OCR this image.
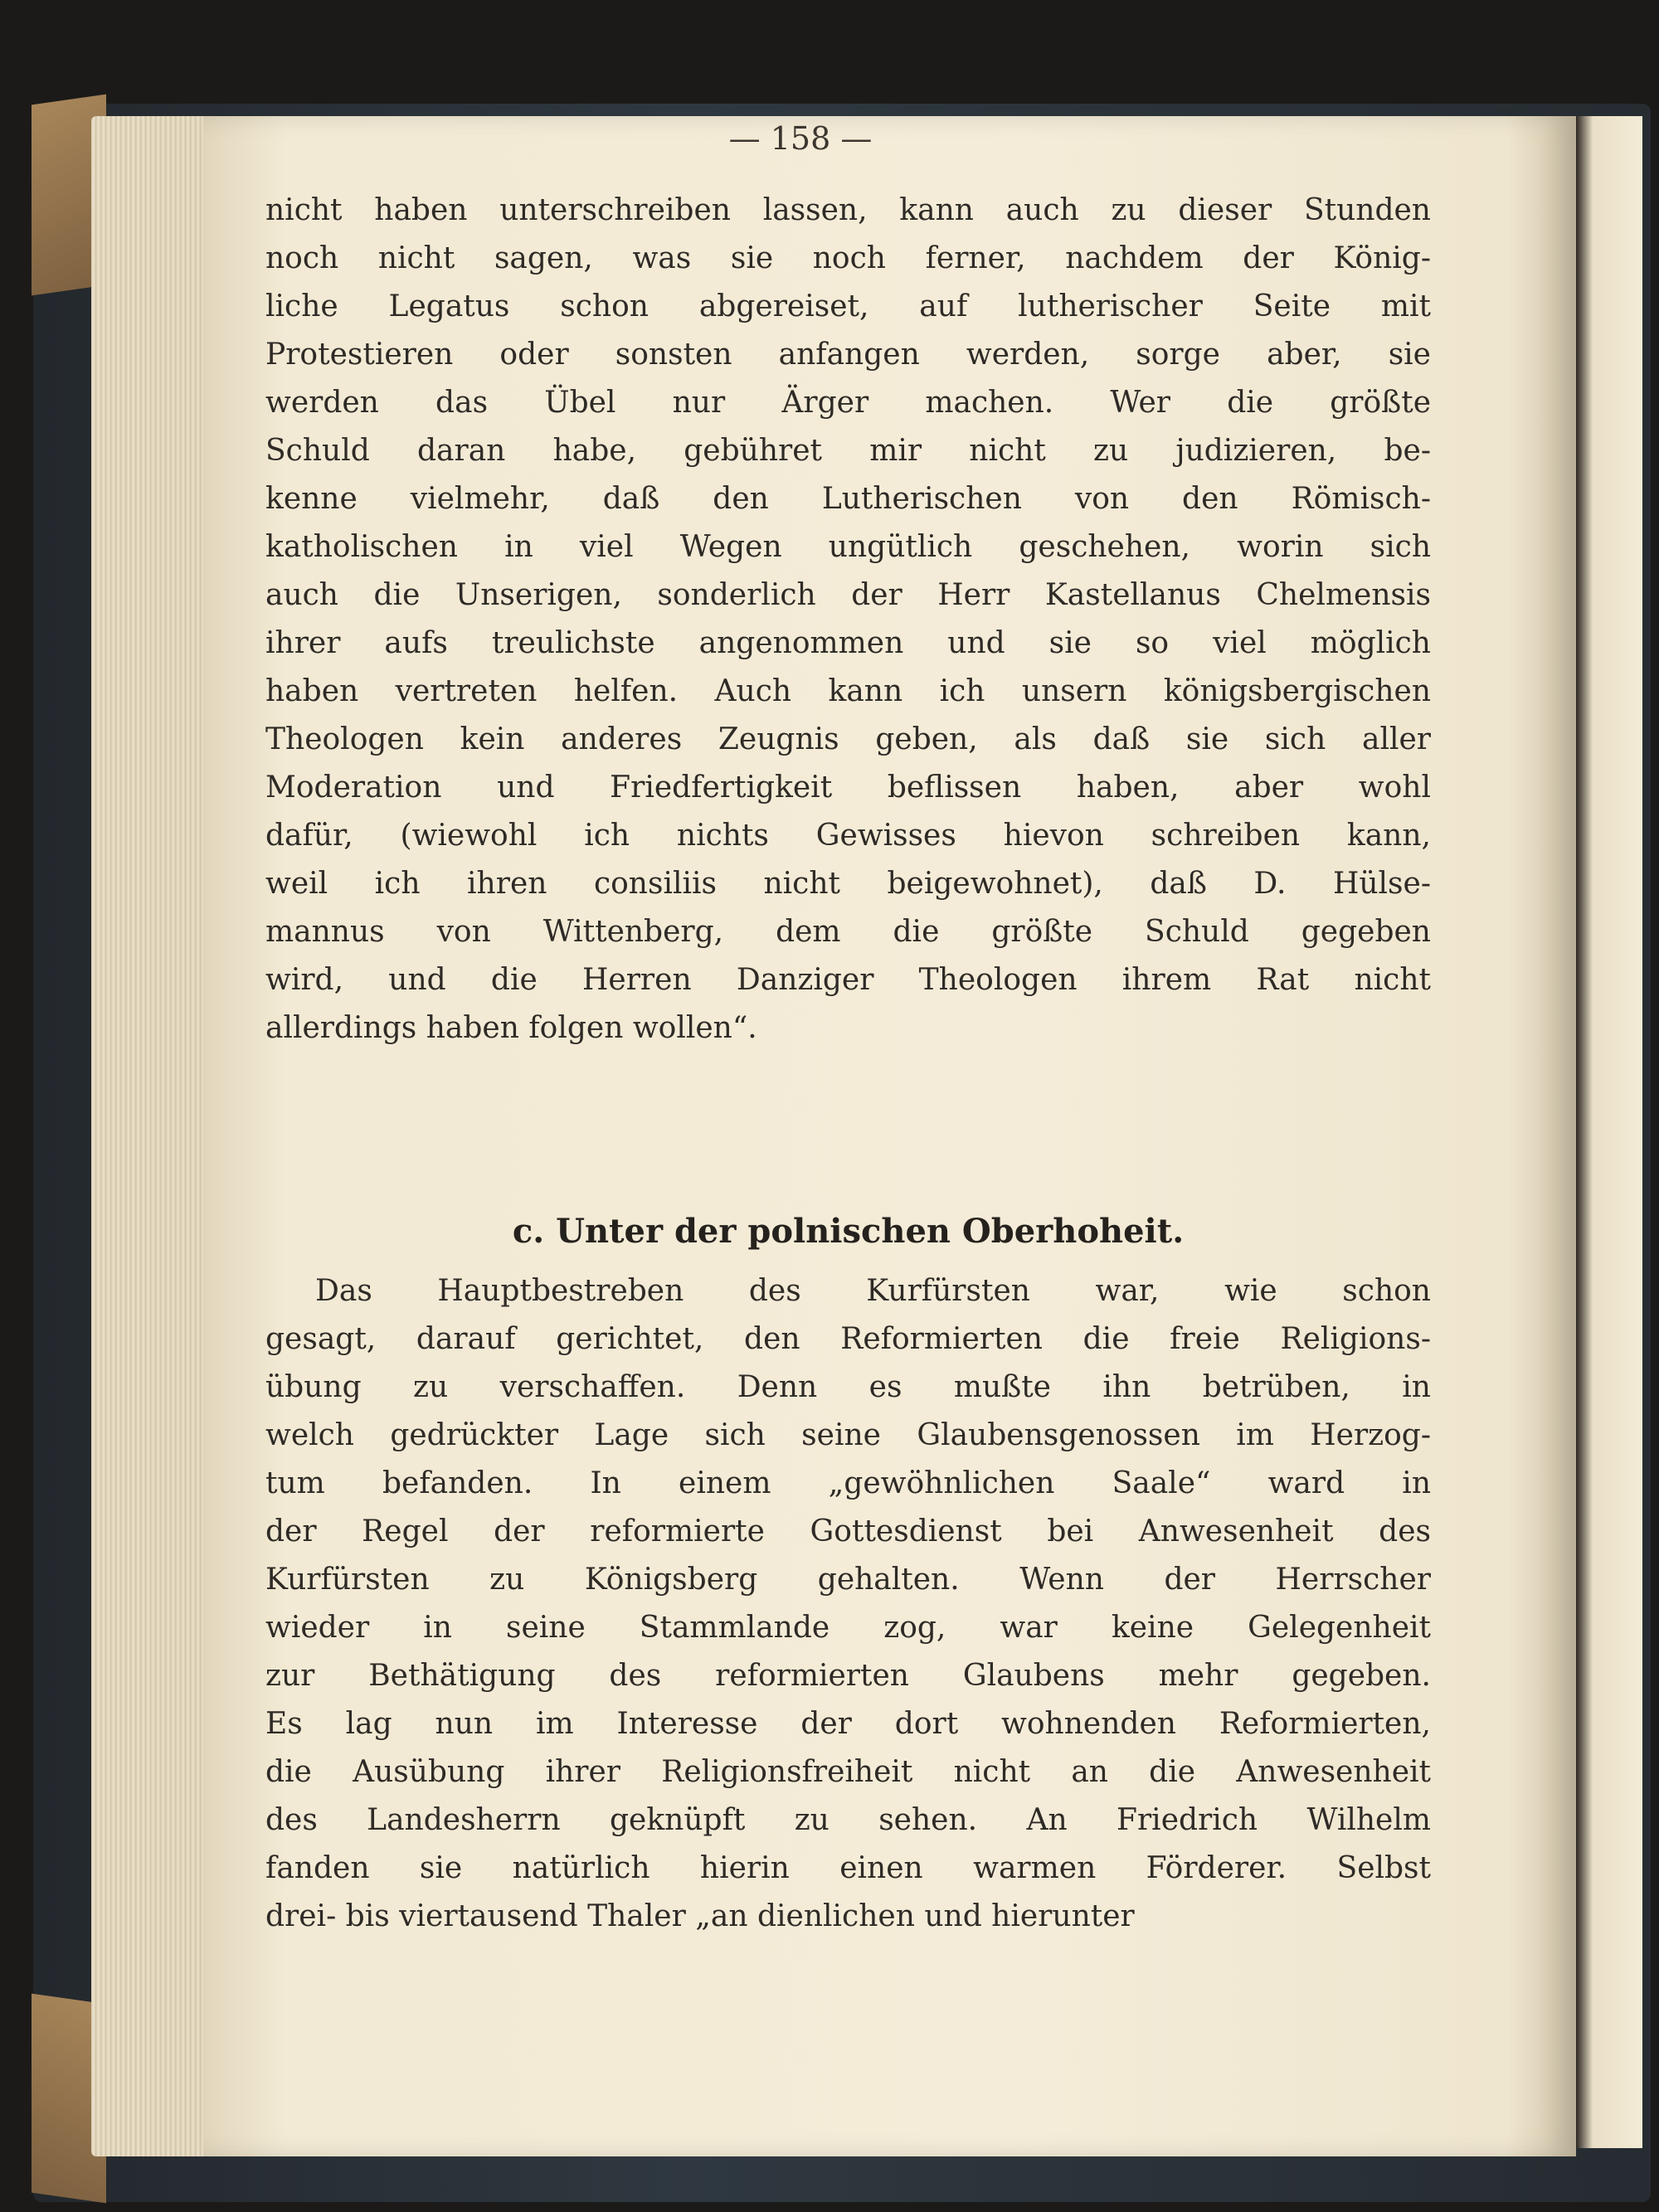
— 158 —
nicht haben unterschreiben lassen, kann auch zu dieser Stunden
noch nicht sagen, was sie noch ferner, nachdem der König-
liche Legatus schon abgereiset, auf lutherischer Seite mit
Protestieren oder sonsten anfangen werden, sorge aber, sie
werden das Übel nur Ärger machen. Wer die größte
Schuld daran habe, gebühret mir nicht zu judizieren, be-
kenne vielmehr, daß den Lutherischen von den Römisch-
katholischen in viel Wegen ungütlich geschehen, worin sich
auch die Unserigen, sonderlich der Herr Kastellanus Chelmensis
ihrer aufs treulichste angenommen und sie so viel möglich
haben vertreten helfen. Auch kann ich unsern königsbergischen
Theologen kein anderes Zeugnis geben, als daß sie sich aller
Moderation und Friedfertigkeit beflissen haben, aber wohl
dafür, (wiewohl ich nichts Gewisses hievon schreiben kann,
weil ich ihren consiliis nicht beigewohnet), daß D. Hülse-
mannus von Wittenberg, dem die größte Schuld gegeben
wird, und die Herren Danziger Theologen ihrem Rat nicht
allerdings haben folgen wollen“.
c. Unter der polnischen Oberhoheit.
Das Hauptbestreben des Kurfürsten war, wie schon
gesagt, darauf gerichtet, den Reformierten die freie Religions-
übung zu verschaffen. Denn es mußte ihn betrüben, in
welch gedrückter Lage sich seine Glaubensgenossen im Herzog-
tum befanden. In einem „gewöhnlichen Saale“ ward in
der Regel der reformierte Gottesdienst bei Anwesenheit des
Kurfürsten zu Königsberg gehalten. Wenn der Herrscher
wieder in seine Stammlande zog, war keine Gelegenheit
zur Bethätigung des reformierten Glaubens mehr gegeben.
Es lag nun im Interesse der dort wohnenden Reformierten,
die Ausübung ihrer Religionsfreiheit nicht an die Anwesenheit
des Landesherrn geknüpft zu sehen. An Friedrich Wilhelm
fanden sie natürlich hierin einen warmen Förderer. Selbst
drei- bis viertausend Thaler „an dienlichen und hierunter
